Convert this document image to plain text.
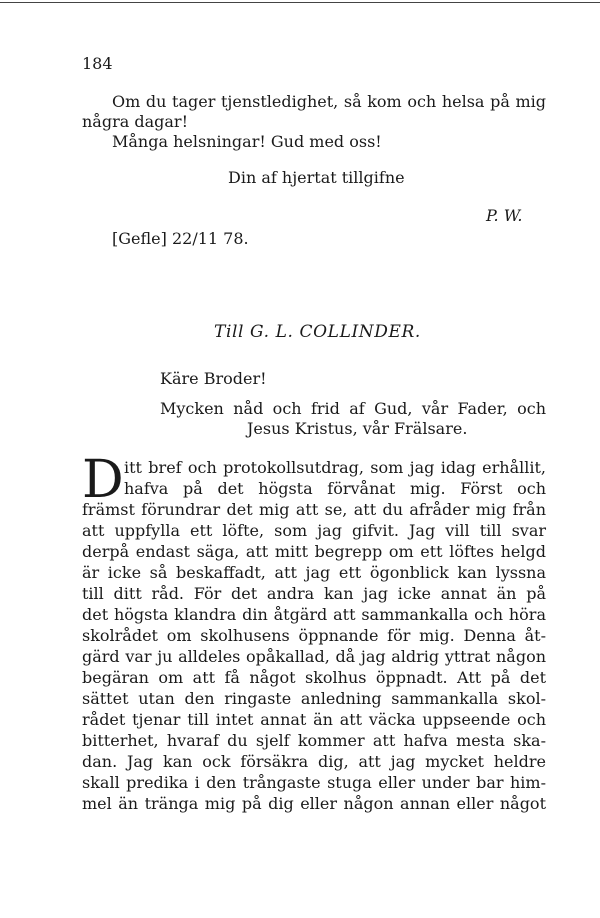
184
Om du tager tjenstledighet, så kom och helsa på mig
några dagar!
Många helsningar! Gud med oss!
Din af hjertat tillgifne
P. W.
[Gefle] 22/11 78.
Till G. L. COLLINDER.
Käre Broder!
Mycken nåd och frid af Gud, vår Fader, och
Jesus Kristus, vår Frälsare.
D itt bref och protokollsutdrag, som jag idag erhållit,
hafva på det högsta förvånat mig. Först och
främst förundrar det mig att se, att du afråder mig från
att uppfylla ett löfte, som jag gifvit. Jag vill till svar
derpå endast säga, att mitt begrepp om ett löftes helgd
är icke så beskaffadt, att jag ett ögonblick kan lyssna
till ditt råd. För det andra kan jag icke annat än på
det högsta klandra din åtgärd att sammankalla och höra
skolrådet om skolhusens öppnande för mig. Denna åt-
gärd var ju alldeles opåkallad, då jag aldrig yttrat någon
begäran om att få något skolhus öppnadt. Att på det
sättet utan den ringaste anledning sammankalla skol-
rådet tjenar till intet annat än att väcka uppseende och
bitterhet, hvaraf du sjelf kommer att hafva mesta ska-
dan. Jag kan ock försäkra dig, att jag mycket heldre
skall predika i den trångaste stuga eller under bar him-
mel än tränga mig på dig eller någon annan eller något
